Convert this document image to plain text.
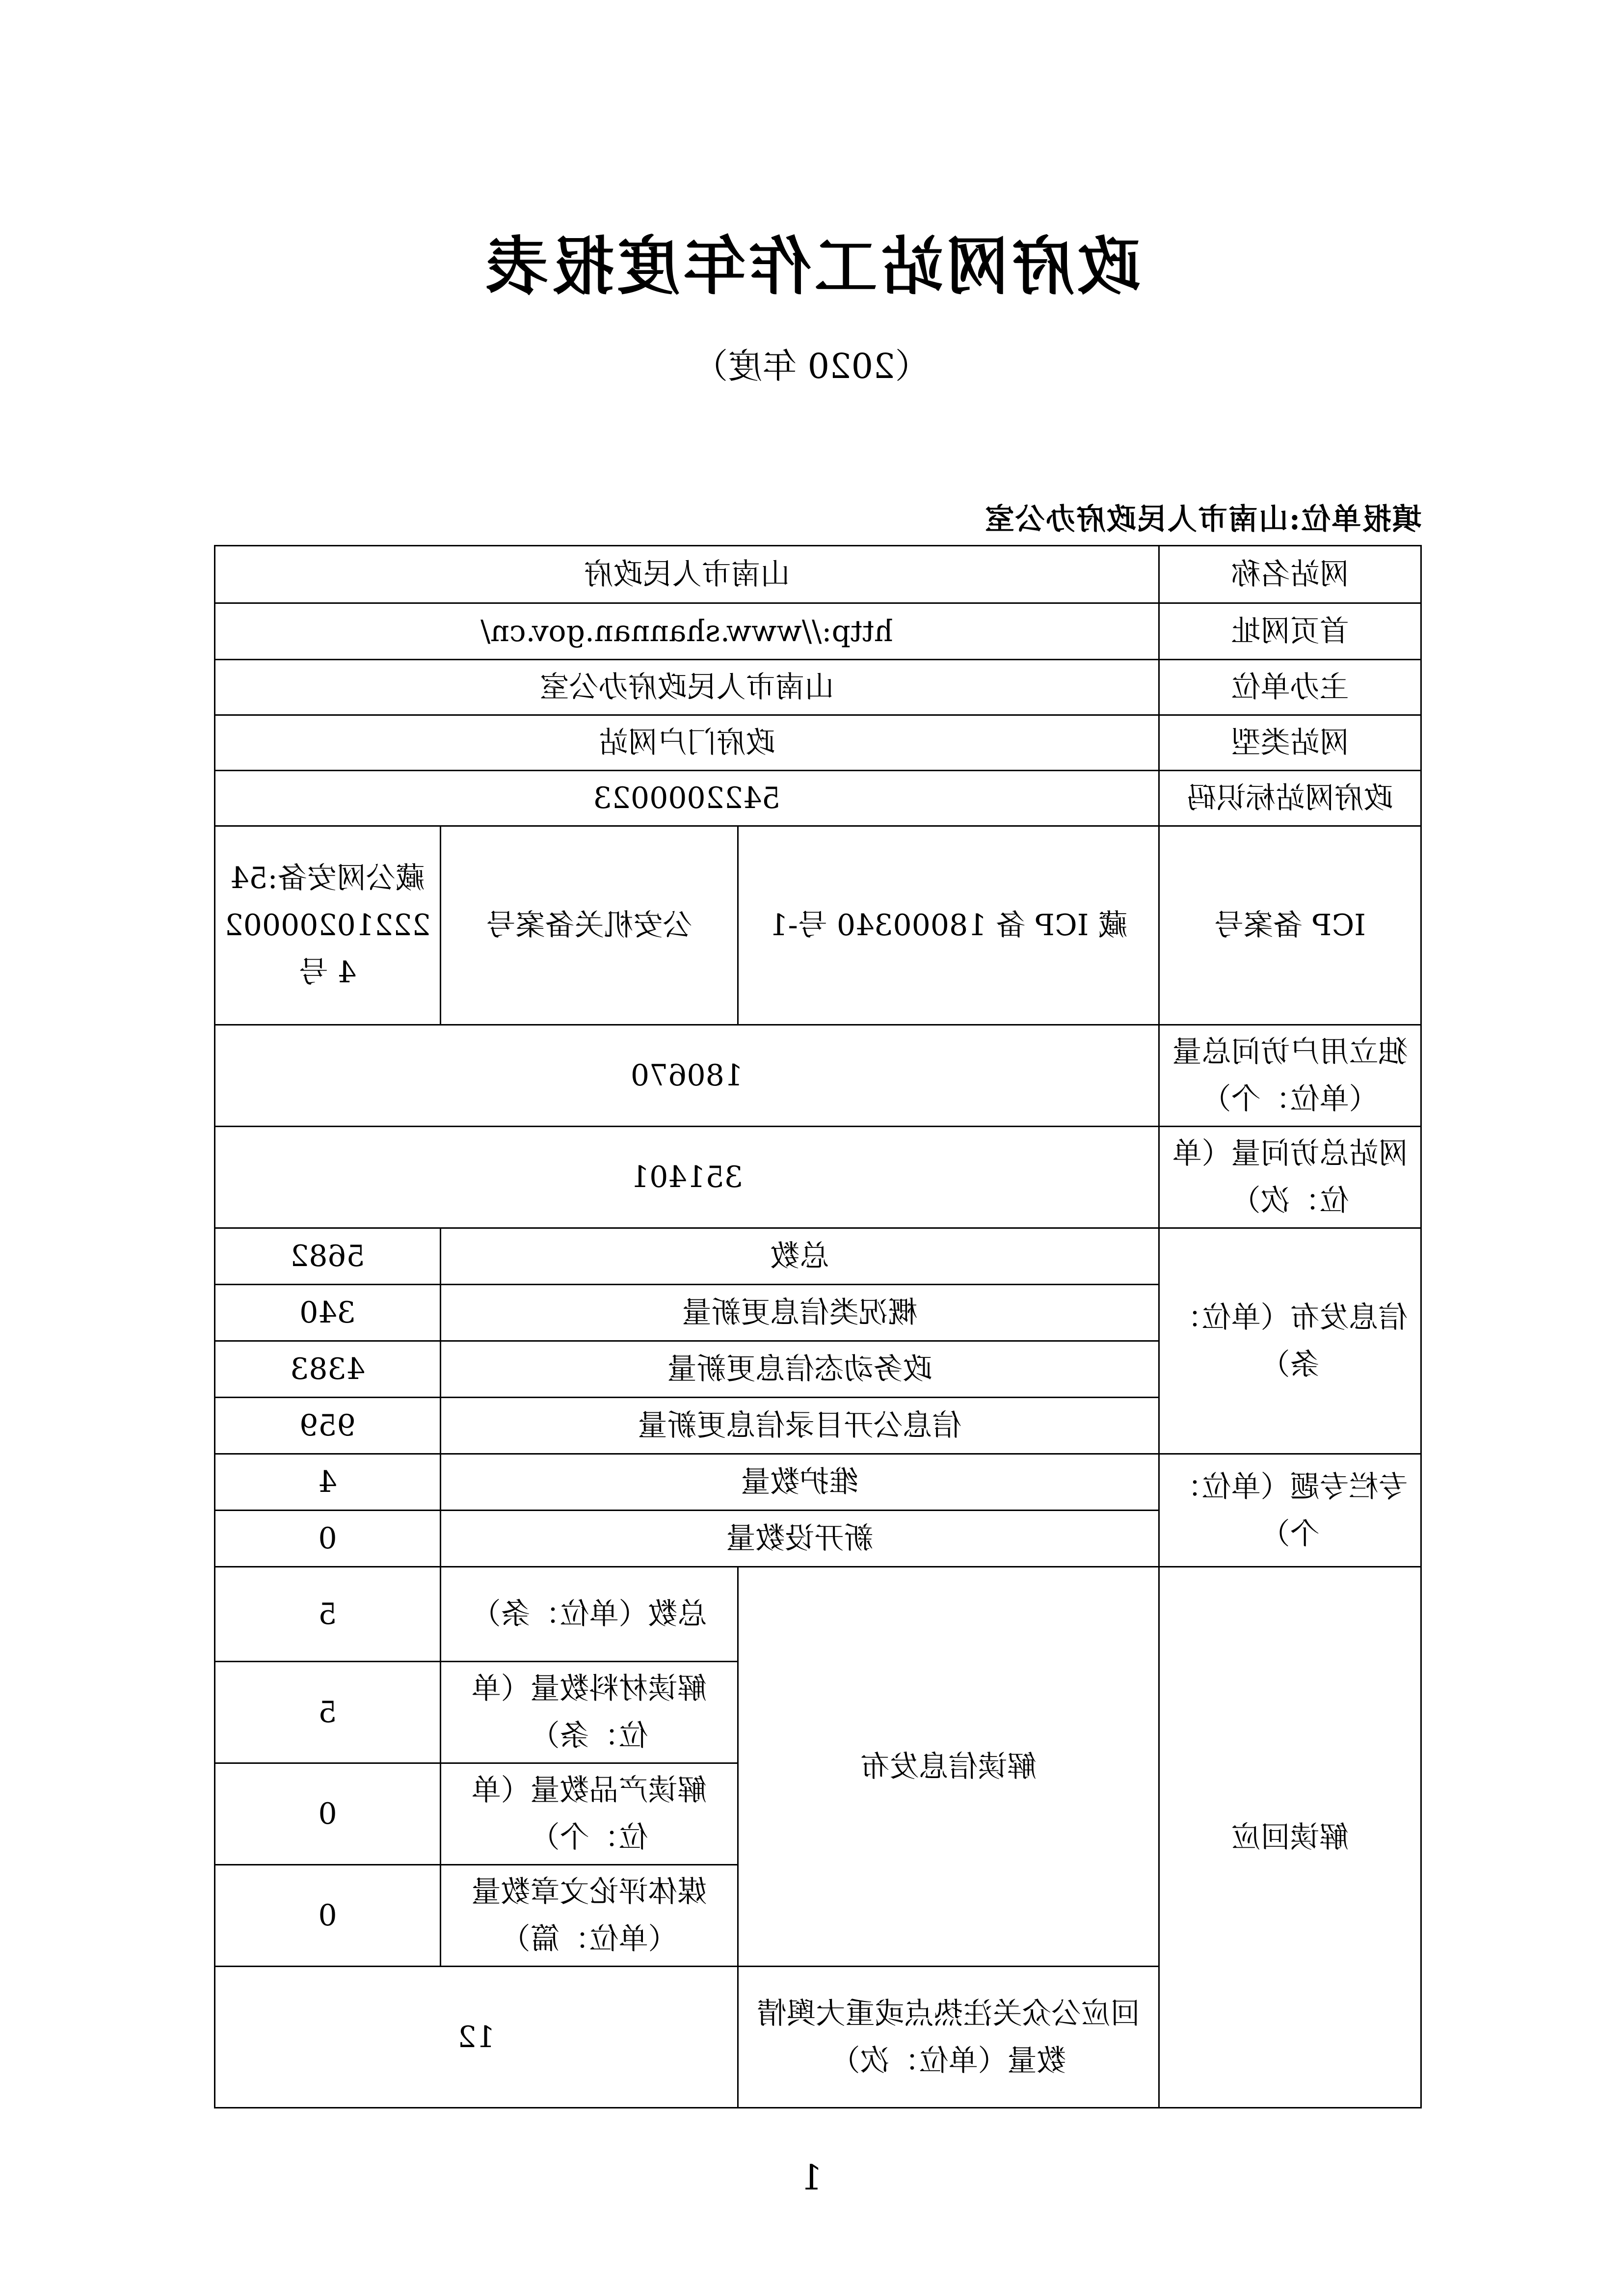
政府网站工作年度报表
（2020 年度）
填报单位:山南市人民政府办公室
网站名称	山南市人民政府		
首页网址	http://www.shannan.gov.cn/		
主办单位	山南市人民政府办公室		
网站类型	政府门户网站		
政府网站标识码	5422000023		
ICP 备案号	藏 ICP 备 18000340 号-1	公安机关备案号	藏公网安备:54222102000024 号
独立用户访问总量（单位：个）	180670		
网站总访问量（单位：次）	351401		
信息发布（单位：条）	总数		5682
	概况类信息更新量		340
	政务动态信息更新量		4383
	信息公开目录信息更新量		959
专栏专题（单位：个）	维护数量		4
	新开设数量		0
解读回应	解读信息发布	总数（单位：条）	5
		解读材料数量（单位：条）	5
		解读产品数量（单位：个）	0
		媒体评论文章数量（单位：篇）	0
	回应公众关注热点或重大舆情数量（单位：次）	12	
1
